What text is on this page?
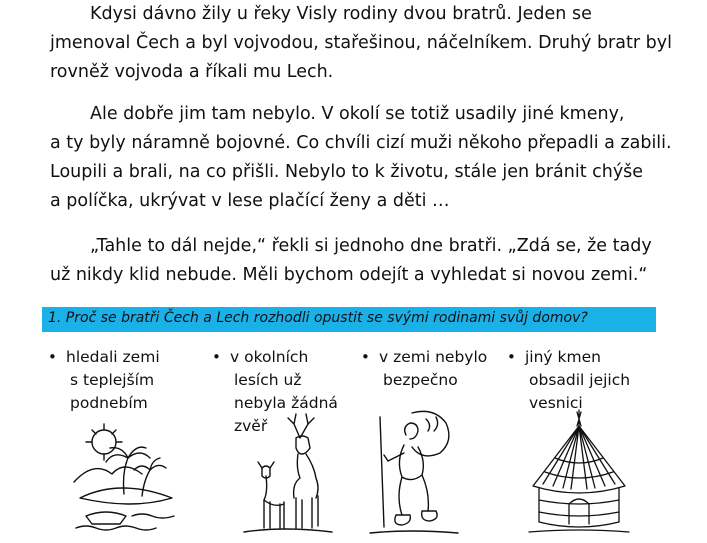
Kdysi dávno žily u řeky Visly rodiny dvou bratrů. Jeden se
jmenoval Čech a byl vojvodou, stařešinou, náčelníkem. Druhý bratr byl
rovněž vojvoda a říkali mu Lech.
Ale dobře jim tam nebylo. V okolí se totiž usadily jiné kmeny,
a ty byly náramně bojovné. Co chvíli cizí muži někoho přepadli a zabili.
Loupili a brali, na co přišli. Nebylo to k životu, stále jen bránit chýše
a políčka, ukrývat v lese plačící ženy a děti …
„Tahle to dál nejde,“ řekli si jednoho dne bratři. „Zdá se, že tady
už nikdy klid nebude. Měli bychom odejít a vyhledat si novou zemi.“
1. Proč se bratři Čech a Lech rozhodli opustit se svými rodinami svůj domov?
• hledali zemi
s teplejším
podnebím
• v okolních
lesích už
nebyla žádná
zvěř
• v zemi nebylo
bezpečno
• jiný kmen
obsadil jejich
vesnici
